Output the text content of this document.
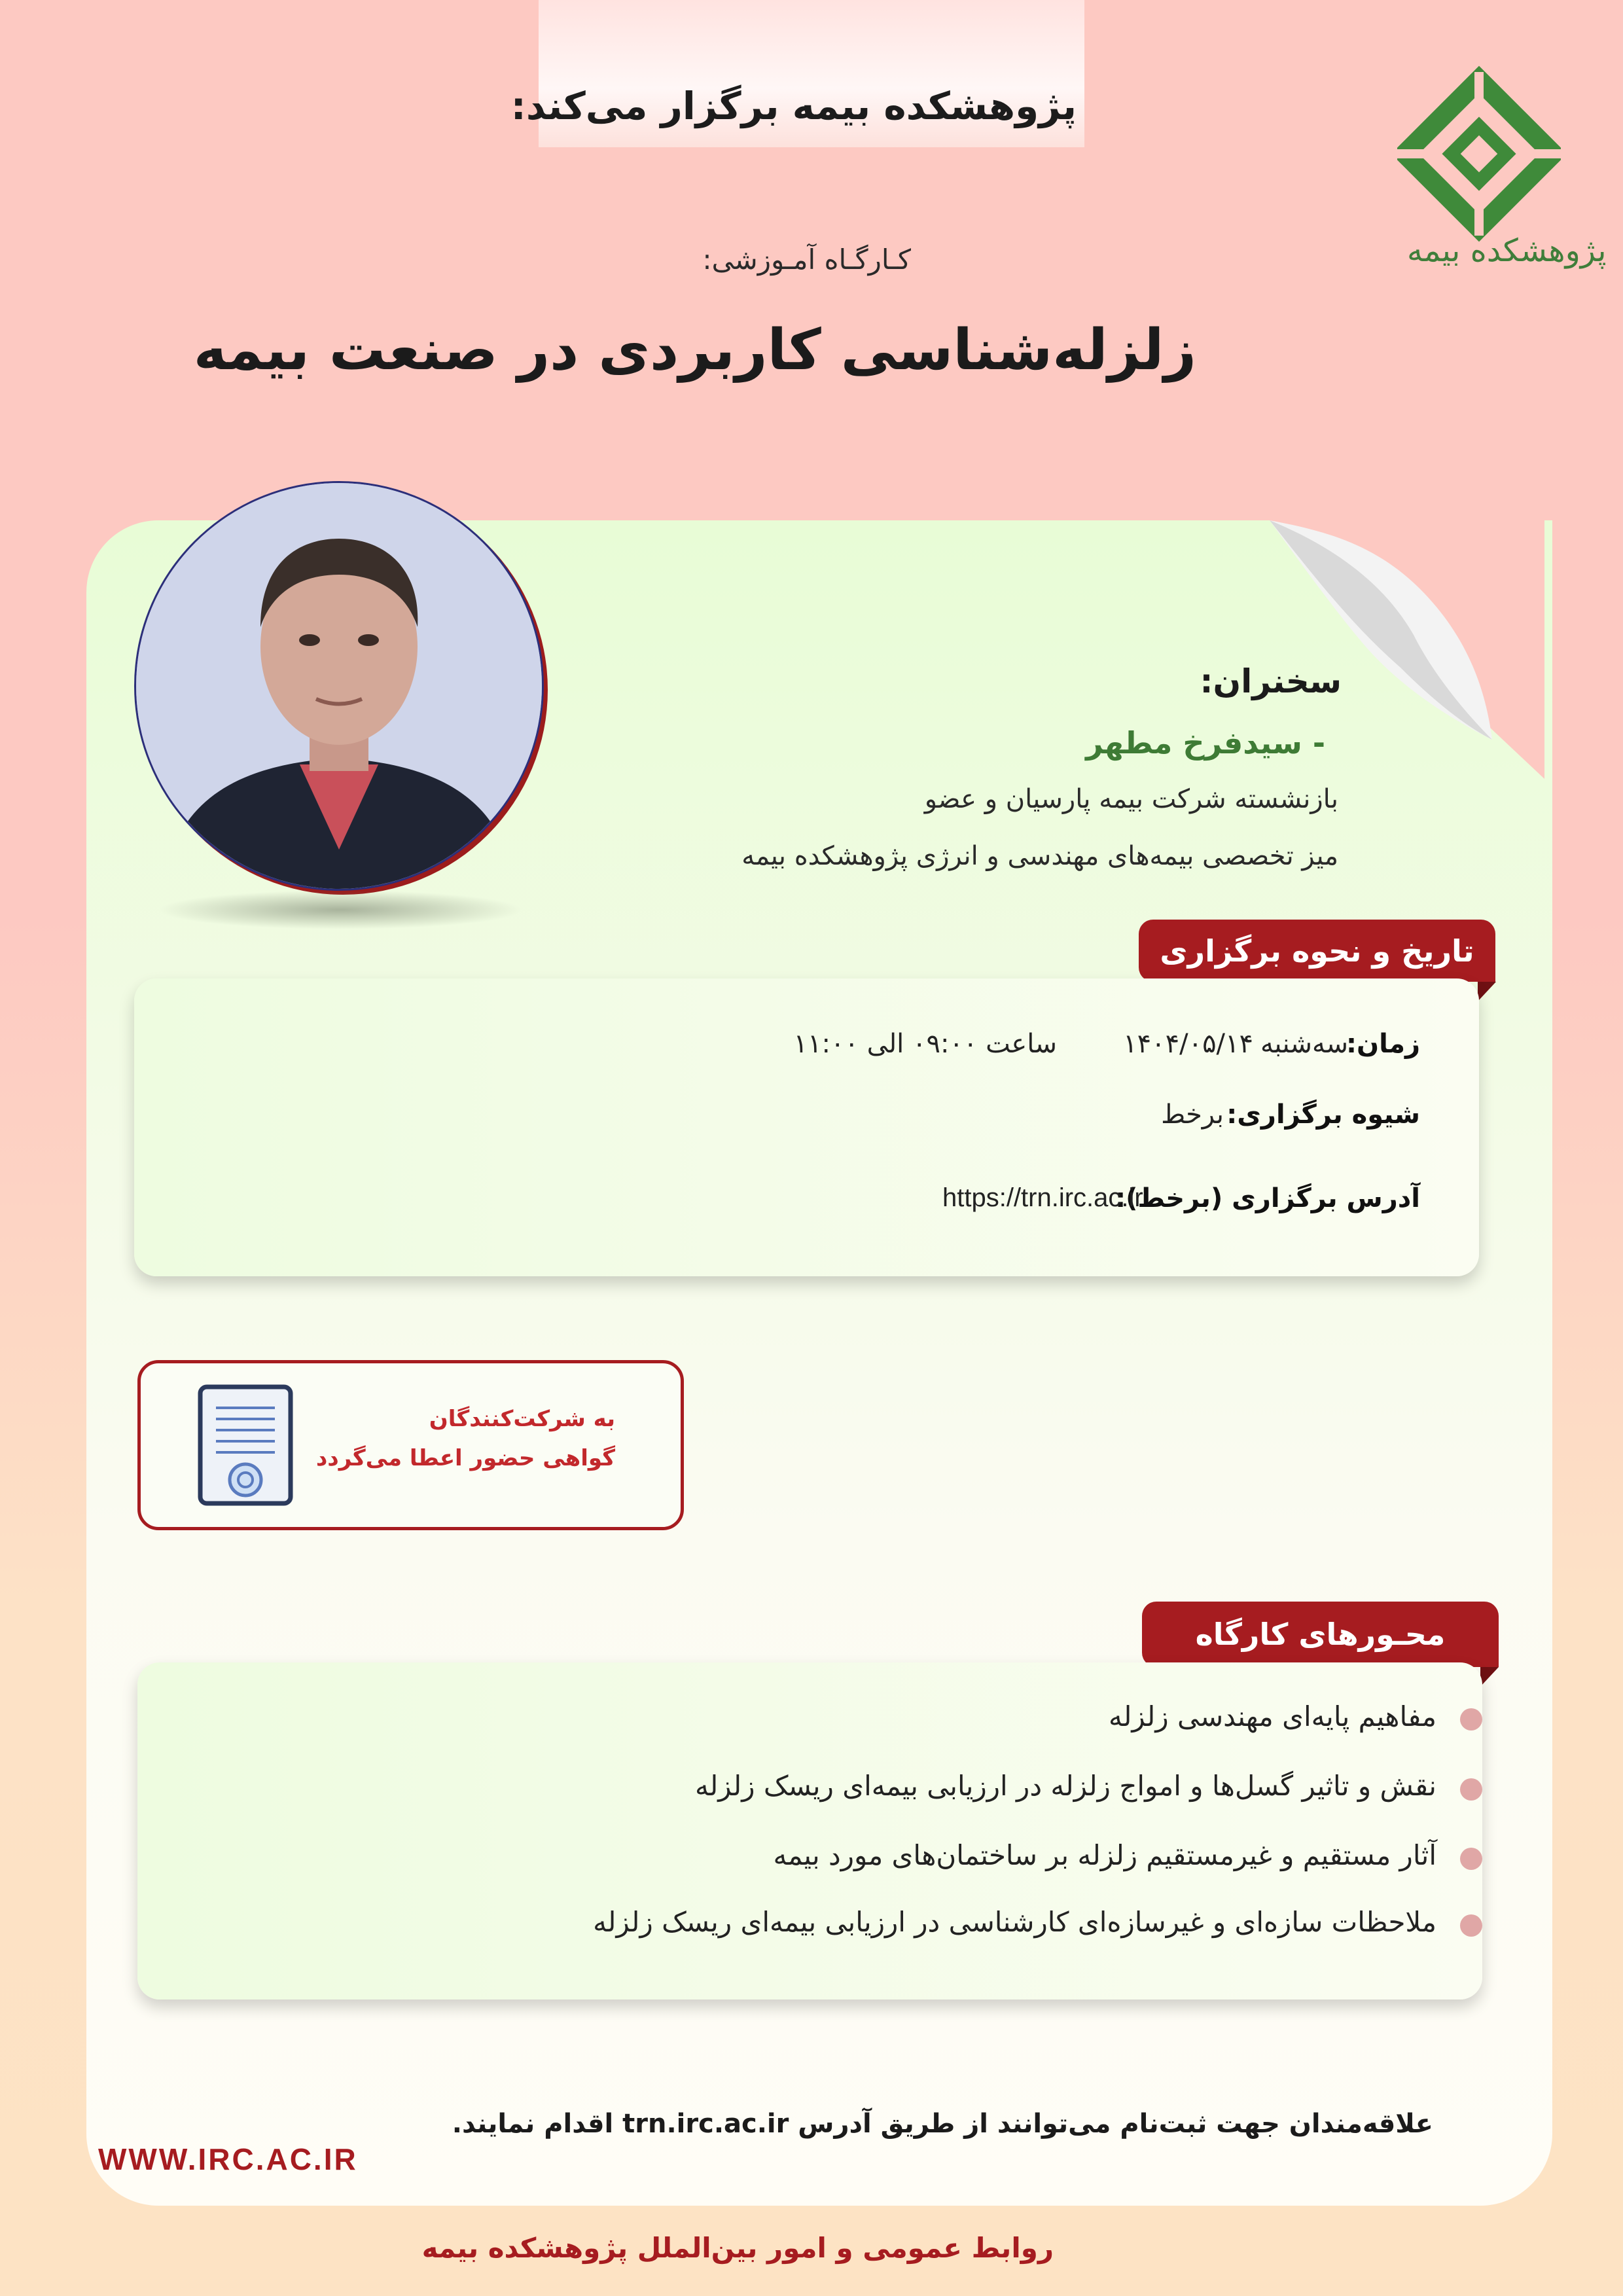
پژوهشکده بیمه برگزار می‌کند:
پژوهشکده بیمه
کـارگـاه آمـوزشی:
زلزله‌شناسی کاربردی در صنعت بیمه
سخنران:
- سیدفرخ مطهر
بازنشسته شرکت بیمه پارسیان و عضو
میز تخصصی بیمه‌های مهندسی و انرژی پژوهشکده بیمه
تاریخ و نحوه برگزاری
زمان:
سه‌شنبه
۱۴۰۴/۰۵/۱۴
ساعت ۰۹:۰۰ الی ۱۱:۰۰
شیوه برگزاری:
برخط
آدرس برگزاری (برخط):
https://trn.irc.ac.ir
به شرکت‌کنندگان
گواهی حضور اعطا می‌گردد
محـورهای کارگاه
مفاهیم پایه‌ای مهندسی زلزله
نقش و تاثیر گسل‌ها و امواج زلزله در ارزیابی بیمه‌ای ریسک زلزله
آثار مستقیم و غیرمستقیم زلزله بر ساختمان‌های مورد بیمه
ملاحظات سازه‌ای و غیرسازه‌ای کارشناسی در ارزیابی بیمه‌ای ریسک زلزله
علاقه‌مندان جهت ثبت‌نام می‌توانند از طریق آدرس trn.irc.ac.ir اقدام نمایند.
WWW.IRC.AC.IR
روابط عمومی و امور بین‌الملل پژوهشکده بیمه
